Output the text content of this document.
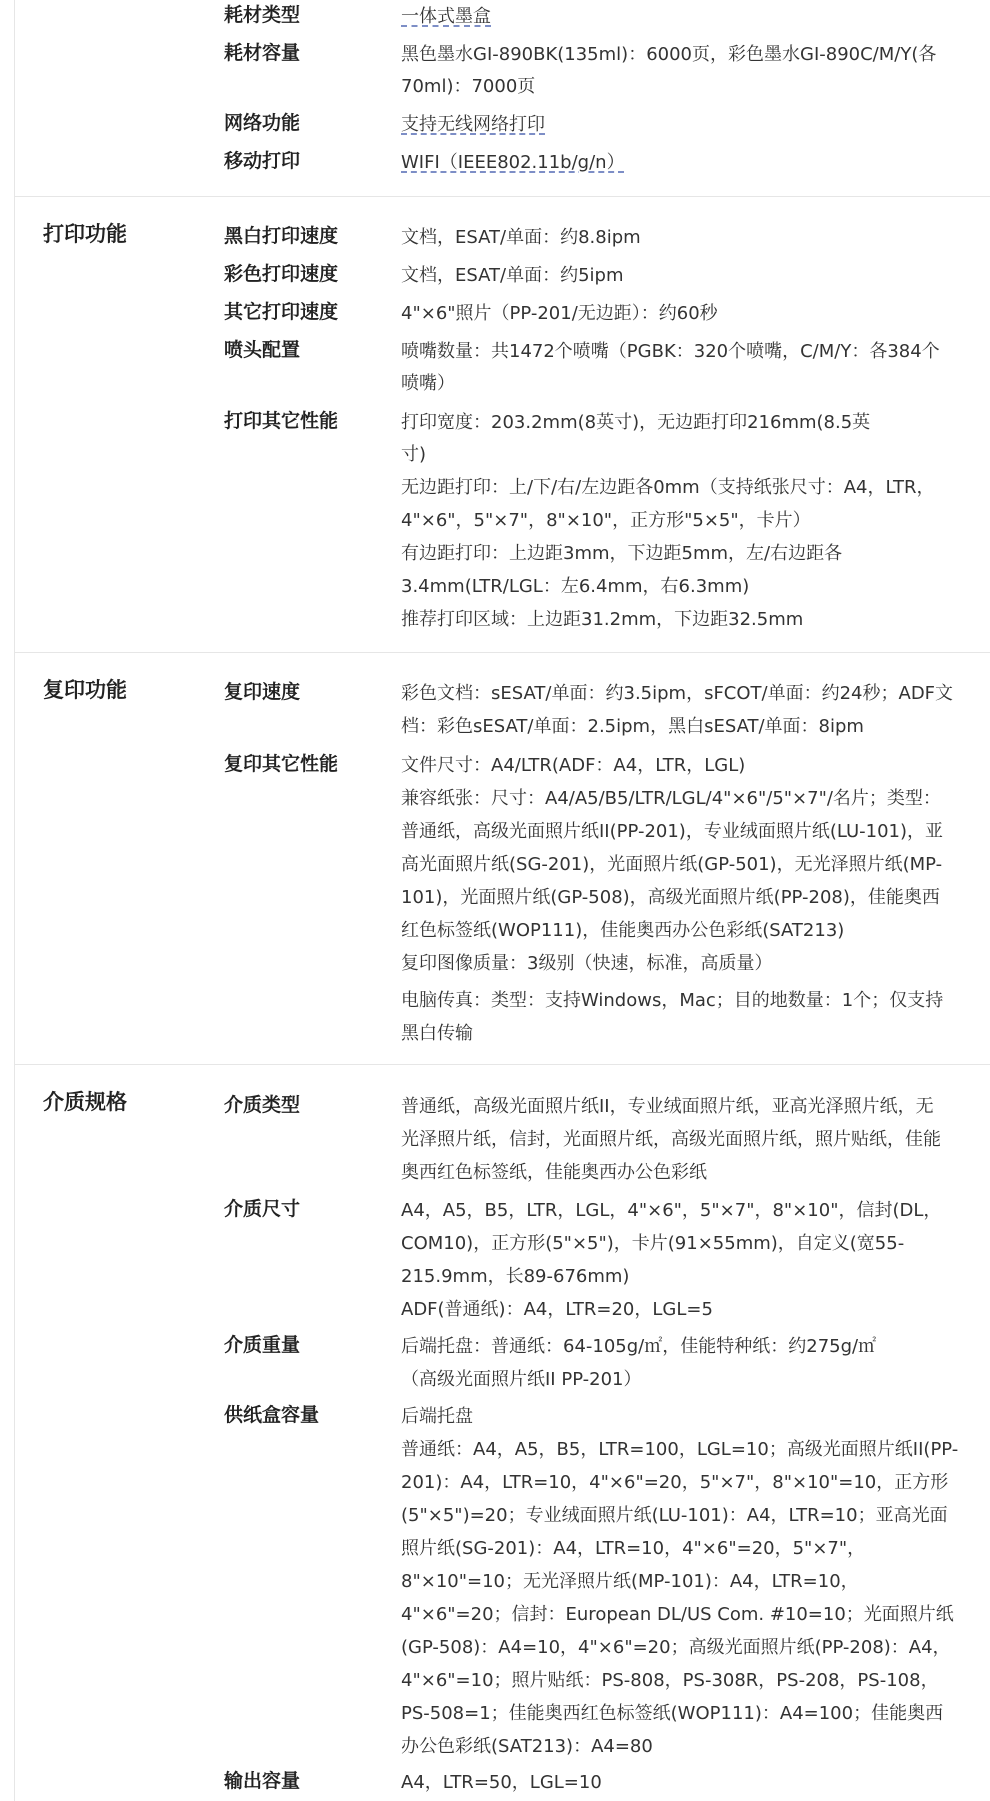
耗材类型	一体式墨盒
耗材容量	黑色墨水GI-890BK(135ml)：6000页，彩色墨水GI-890C/M/Y(各
70ml)：7000页
网络功能	支持无线网络打印
移动打印	WIFI（IEEE802.11b/g/n）
打印功能	黑白打印速度	文档，ESAT/单面：约8.8ipm
彩色打印速度	文档，ESAT/单面：约5ipm
其它打印速度	4"×6"照片（PP-201/无边距）：约60秒
喷头配置	喷嘴数量：共1472个喷嘴（PGBK：320个喷嘴，C/M/Y：各384个
喷嘴）
打印其它性能	打印宽度：203.2mm(8英寸)，无边距打印216mm(8.5英
寸)
无边距打印：上/下/右/左边距各0mm（支持纸张尺寸：A4，LTR，
4"×6"，5"×7"，8"×10"，正方形"5×5"，卡片）
有边距打印：上边距3mm，下边距5mm，左/右边距各
3.4mm(LTR/LGL：左6.4mm，右6.3mm)
推荐打印区域：上边距31.2mm，下边距32.5mm
复印功能	复印速度	彩色文档：sESAT/单面：约3.5ipm，sFCOT/单面：约24秒；ADF文
档：彩色sESAT/单面：2.5ipm，黑白sESAT/单面：8ipm
复印其它性能	文件尺寸：A4/LTR(ADF：A4，LTR，LGL)
兼容纸张：尺寸：A4/A5/B5/LTR/LGL/4"×6"/5"×7"/名片；类型：
普通纸，高级光面照片纸II(PP-201)，专业绒面照片纸(LU-101)，亚
高光面照片纸(SG-201)，光面照片纸(GP-501)，无光泽照片纸(MP-
101)，光面照片纸(GP-508)，高级光面照片纸(PP-208)，佳能奥西
红色标签纸(WOP111)，佳能奥西办公色彩纸(SAT213)
复印图像质量：3级别（快速，标准，高质量）
电脑传真：类型：支持Windows，Mac；目的地数量：1个；仅支持
黑白传输
介质规格	介质类型	普通纸，高级光面照片纸II，专业绒面照片纸，亚高光泽照片纸，无
光泽照片纸，信封，光面照片纸，高级光面照片纸，照片贴纸，佳能
奥西红色标签纸，佳能奥西办公色彩纸
介质尺寸	A4，A5，B5，LTR，LGL，4"×6"，5"×7"，8"×10"，信封(DL，
COM10)，正方形(5"×5")，卡片(91×55mm)，自定义(宽55-
215.9mm，长89-676mm)
ADF(普通纸)：A4，LTR=20，LGL=5
介质重量	后端托盘：普通纸：64-105g/㎡，佳能特种纸：约275g/㎡
（高级光面照片纸II PP-201）
供纸盒容量	后端托盘
普通纸：A4，A5，B5，LTR=100，LGL=10；高级光面照片纸II(PP-
201)：A4，LTR=10，4"×6"=20，5"×7"，8"×10"=10，正方形
(5"×5")=20；专业绒面照片纸(LU-101)：A4，LTR=10；亚高光面
照片纸(SG-201)：A4，LTR=10，4"×6"=20，5"×7"，
8"×10"=10；无光泽照片纸(MP-101)：A4，LTR=10，
4"×6"=20；信封：European DL/US Com. #10=10；光面照片纸
(GP-508)：A4=10，4"×6"=20；高级光面照片纸(PP-208)：A4，
4"×6"=10；照片贴纸：PS-808，PS-308R，PS-208，PS-108，
PS-508=1；佳能奥西红色标签纸(WOP111)：A4=100；佳能奥西
办公色彩纸(SAT213)：A4=80
输出容量	A4，LTR=50，LGL=10
